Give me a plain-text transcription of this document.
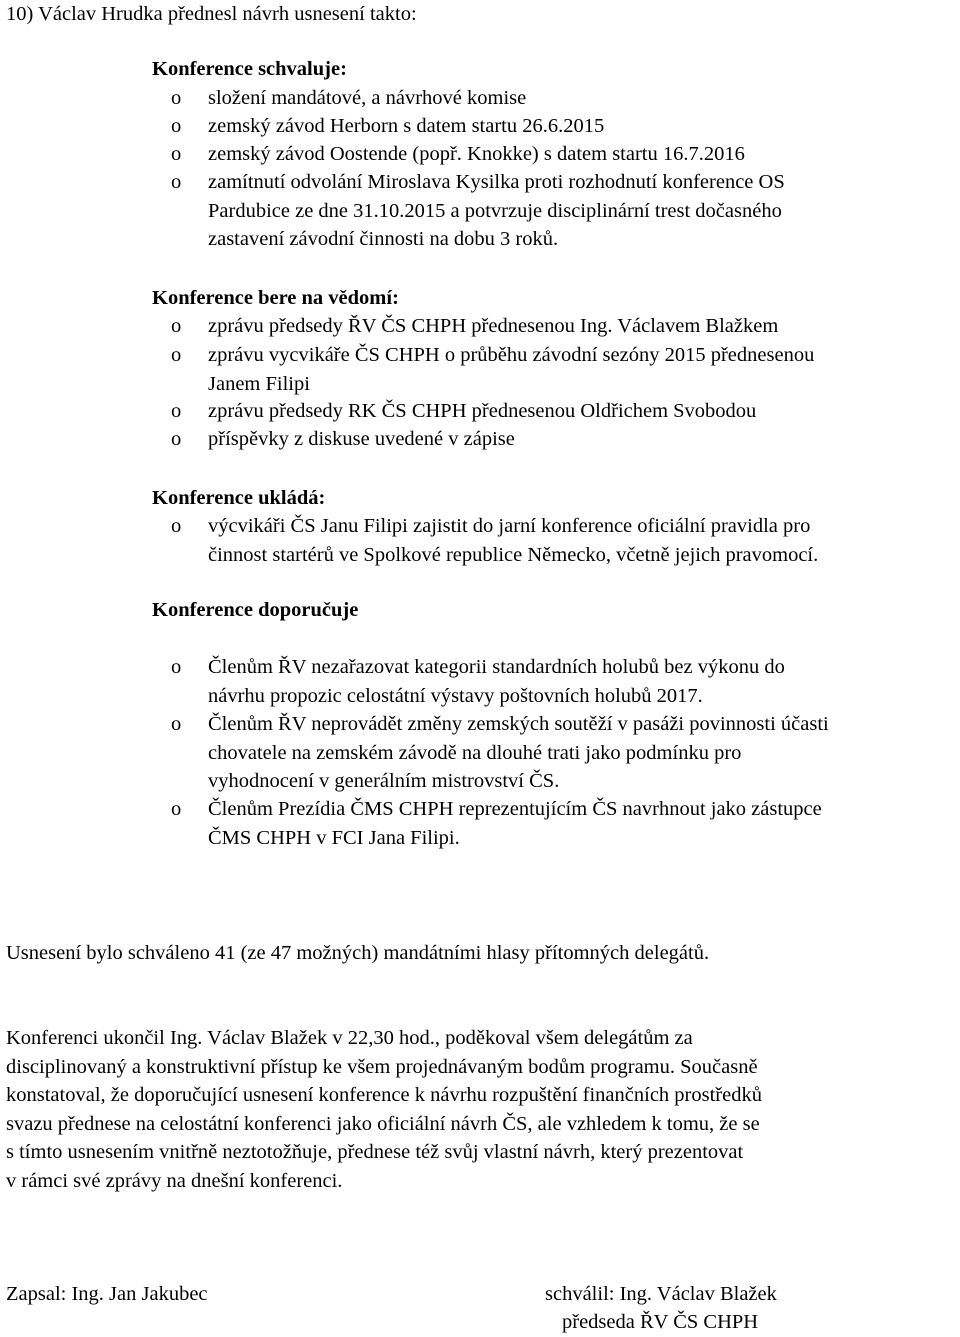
10) Václav Hrudka přednesl návrh usnesení takto:
Konference schvaluje:
o složení mandátové, a návrhové komise
o zemský závod Herborn s datem startu 26.6.2015
o zemský závod Oostende (popř. Knokke) s datem startu 16.7.2016
o zamítnutí odvolání Miroslava Kysilka proti rozhodnutí konference OS
Pardubice ze dne 31.10.2015 a potvrzuje disciplinární trest dočasného
zastavení závodní činnosti na dobu 3 roků.
Konference bere na vědomí:
o zprávu předsedy ŘV ČS CHPH přednesenou Ing. Václavem Blažkem
o zprávu vycvikáře ČS CHPH o průběhu závodní sezóny 2015 přednesenou
Janem Filipi
o zprávu předsedy RK ČS CHPH přednesenou Oldřichem Svobodou
o příspěvky z diskuse uvedené v zápise
Konference ukládá:
o výcvikáři ČS Janu Filipi zajistit do jarní konference oficiální pravidla pro
činnost startérů ve Spolkové republice Německo, včetně jejich pravomocí.
Konference doporučuje
o Členům ŘV nezařazovat kategorii standardních holubů bez výkonu do
návrhu propozic celostátní výstavy poštovních holubů 2017.
o Členům ŘV neprovádět změny zemských soutěží v pasáži povinnosti účasti
chovatele na zemském závodě na dlouhé trati jako podmínku pro
vyhodnocení v generálním mistrovství ČS.
o Členům Prezídia ČMS CHPH reprezentujícím ČS navrhnout jako zástupce
ČMS CHPH v FCI Jana Filipi.
Usnesení bylo schváleno 41 (ze 47 možných) mandátními hlasy přítomných delegátů.
Konferenci ukončil Ing. Václav Blažek v 22,30 hod., poděkoval všem delegátům za
disciplinovaný a konstruktivní přístup ke všem projednávaným bodům programu. Současně
konstatoval, že doporučující usnesení konference k návrhu rozpuštění finančních prostředků
svazu přednese na celostátní konferenci jako oficiální návrh ČS, ale vzhledem k tomu, že se
s tímto usnesením vnitřně neztotožňuje, přednese též svůj vlastní návrh, který prezentovat
v rámci své zprávy na dnešní konferenci.
Zapsal: Ing. Jan Jakubec	schválil: Ing. Václav Blažek
předseda ŘV ČS CHPH
